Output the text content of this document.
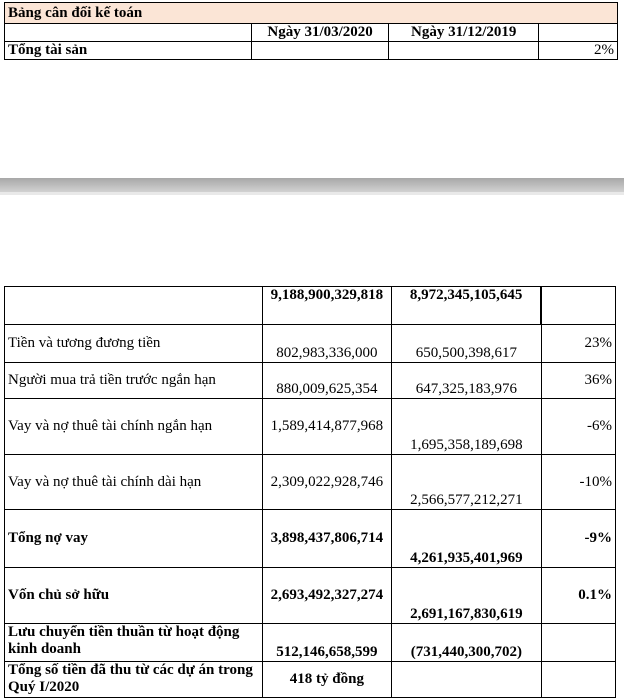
Bảng cân đối kế toán			
	Ngày 31/03/2020	Ngày 31/12/2019	
Tổng tài sản			2%
	9,188,900,329,818	8,972,345,105,645	
Tiền và tương đương tiền	802,983,336,000	650,500,398,617	23%
Người mua trả tiền trước ngắn hạn	880,009,625,354	647,325,183,976	36%
Vay và nợ thuê tài chính ngắn hạn	1,589,414,877,968	1,695,358,189,698	-6%
Vay và nợ thuê tài chính dài hạn	2,309,022,928,746	2,566,577,212,271	-10%
Tổng nợ vay	3,898,437,806,714	4,261,935,401,969	-9%
Vốn chủ sở hữu	2,693,492,327,274	2,691,167,830,619	0.1%
Lưu chuyển tiền thuần từ hoạt động kinh doanh	512,146,658,599	(731,440,300,702)	
Tổng số tiền đã thu từ các dự án trong Quý I/2020	418 tỷ đồng		
